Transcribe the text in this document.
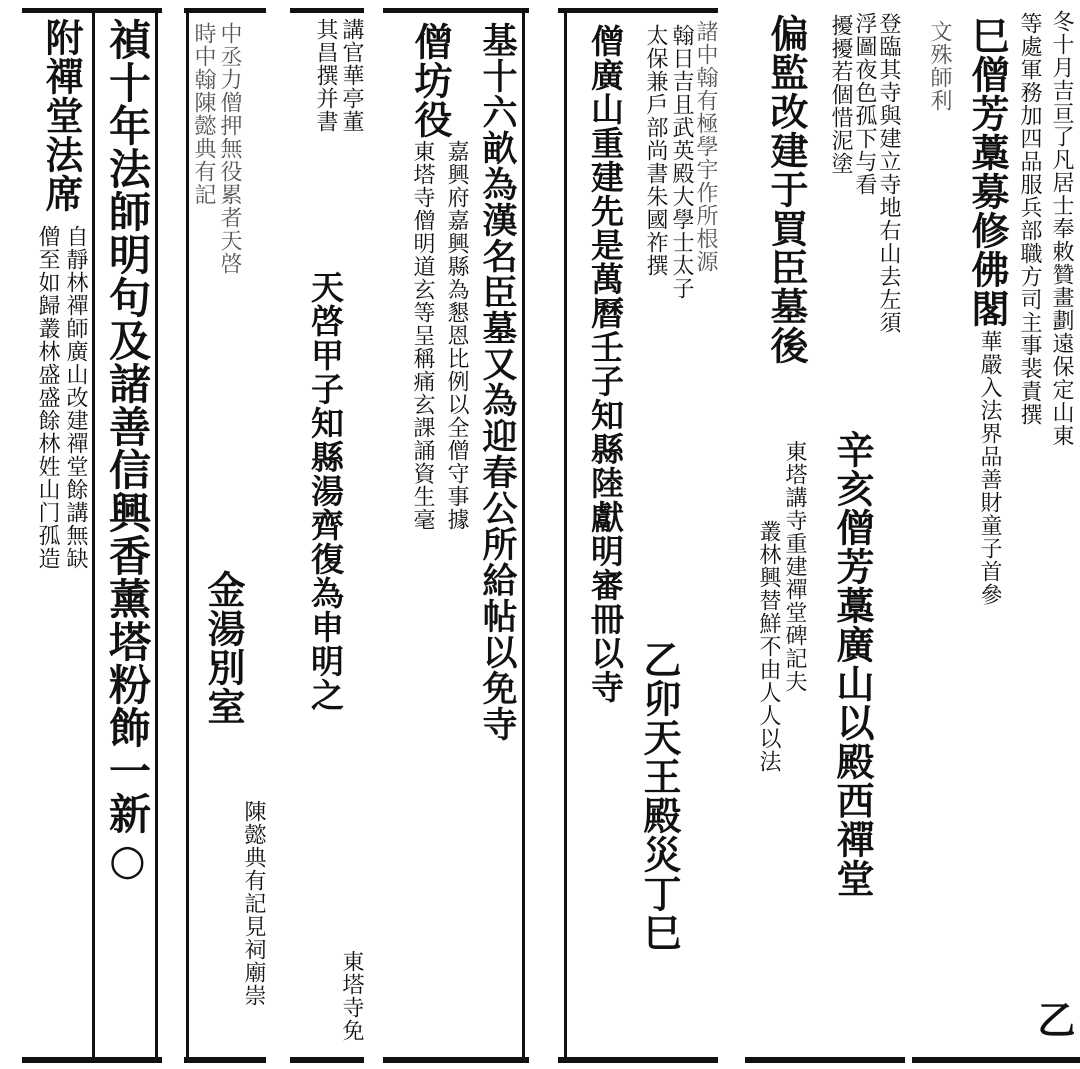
冬十月吉亘了凡居士奉敕贊畫劃遠保定山東
等處軍務加四品服兵部職方司主事裴責撰
巳僧芳藁募修佛閣
華嚴入法界品善財童子首參
文殊師利
乙
登臨其寺與建立寺地右山去左須
浮圖夜色孤下与看
擾擾若個惜泥塗
偏監改建于買臣墓後
辛亥僧芳藁廣山以殿西禪堂
東塔講寺重建禪堂碑記夫
叢林興替鮮不由人人以法
諸中翰有極學宇作所根源
翰日吉且武英殿大學士太子
太保兼戶部尚書朱國祚撰
僧廣山重建先是萬曆壬子知縣陸獻明審冊以寺
乙卯天王殿災丁巳
基十六畝為漢名臣墓又為迎春公所給帖以免寺
僧坊役
嘉興府嘉興縣為懇恩比例以全僧守事據
東塔寺僧明道玄等呈稱痛玄課誦資生毫
講官華亭董
其昌撰并書
天啓甲子知縣湯齊復為申明之
東塔寺免
時中翰陳懿典有記 中丞力僧押無役累者天啓
金湯別室
陳懿典有記見祠廟崇
禎十年法師明句及諸善信興香薰塔粉飾一新○
附禪堂法席
自靜林禪師廣山改建禪堂餘講無缺
僧至如歸叢林盛盛餘林姓山门孤造
